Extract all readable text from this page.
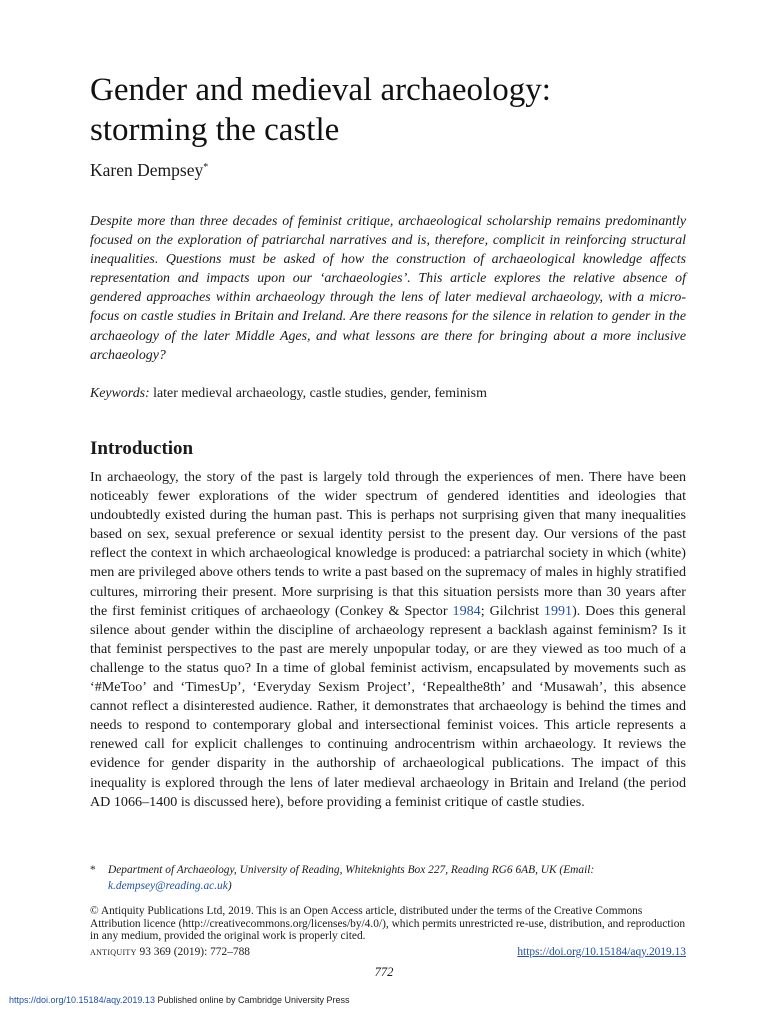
Gender and medieval archaeology:
storming the castle
Karen Dempsey*

Despite more than three decades of feminist critique, archaeological scholarship remains predominantly focused on the exploration of patriarchal narratives and is, therefore, complicit in reinforcing structural inequalities. Questions must be asked of how the construction of archaeological knowledge affects representation and impacts upon our ‘archaeologies’. This article explores the relative absence of gendered approaches within archaeology through the lens of later medieval archaeology, with a micro-focus on castle studies in Britain and Ireland. Are there reasons for the silence in relation to gender in the archaeology of the later Middle Ages, and what lessons are there for bringing about a more inclusive archaeology?

Keywords: later medieval archaeology, castle studies, gender, feminism
Introduction

In archaeology, the story of the past is largely told through the experiences of men. There have been noticeably fewer explorations of the wider spectrum of gendered identities and ideologies that undoubtedly existed during the human past. This is perhaps not surprising given that many inequalities based on sex, sexual preference or sexual identity persist to the present day. Our versions of the past reflect the context in which archaeological knowledge is produced: a patriarchal society in which (white) men are privileged above others tends to write a past based on the supremacy of males in highly stratified cultures, mirroring their present. More surprising is that this situation persists more than 30 years after the first feminist critiques of archaeology (Conkey & Spector 1984; Gilchrist 1991). Does this general silence about gender within the discipline of archaeology represent a backlash against feminism? Is it that feminist perspectives to the past are merely unpopular today, or are they viewed as too much of a challenge to the status quo? In a time of global feminist activism, encapsulated by movements such as ‘#MeToo’ and ‘TimesUp’, ‘Everyday Sexism Project’, ‘Repealthe8th’ and ‘Musawah’, this absence cannot reflect a disinterested audience. Rather, it demonstrates that archaeology is behind the times and needs to respond to contemporary global and intersectional feminist voices. This article represents a renewed call for explicit challenges to continuing androcentrism within archaeology. It reviews the evidence for gender disparity in the authorship of archaeological publications. The impact of this inequality is explored through the lens of later medieval archaeology in Britain and Ireland (the period AD 1066–1400 is discussed here), before providing a feminist critique of castle studies.

* Department of Archaeology, University of Reading, Whiteknights Box 227, Reading RG6 6AB, UK (Email: k.dempsey@reading.ac.uk)
© Antiquity Publications Ltd, 2019. This is an Open Access article, distributed under the terms of the Creative Commons Attribution licence (http://creativecommons.org/licenses/by/4.0/), which permits unrestricted re-use, distribution, and reproduction in any medium, provided the original work is properly cited.
antiquity 93 369 (2019): 772–788	https://doi.org/10.15184/aqy.2019.13
772
https://doi.org/10.15184/aqy.2019.13 Published online by Cambridge University Press
